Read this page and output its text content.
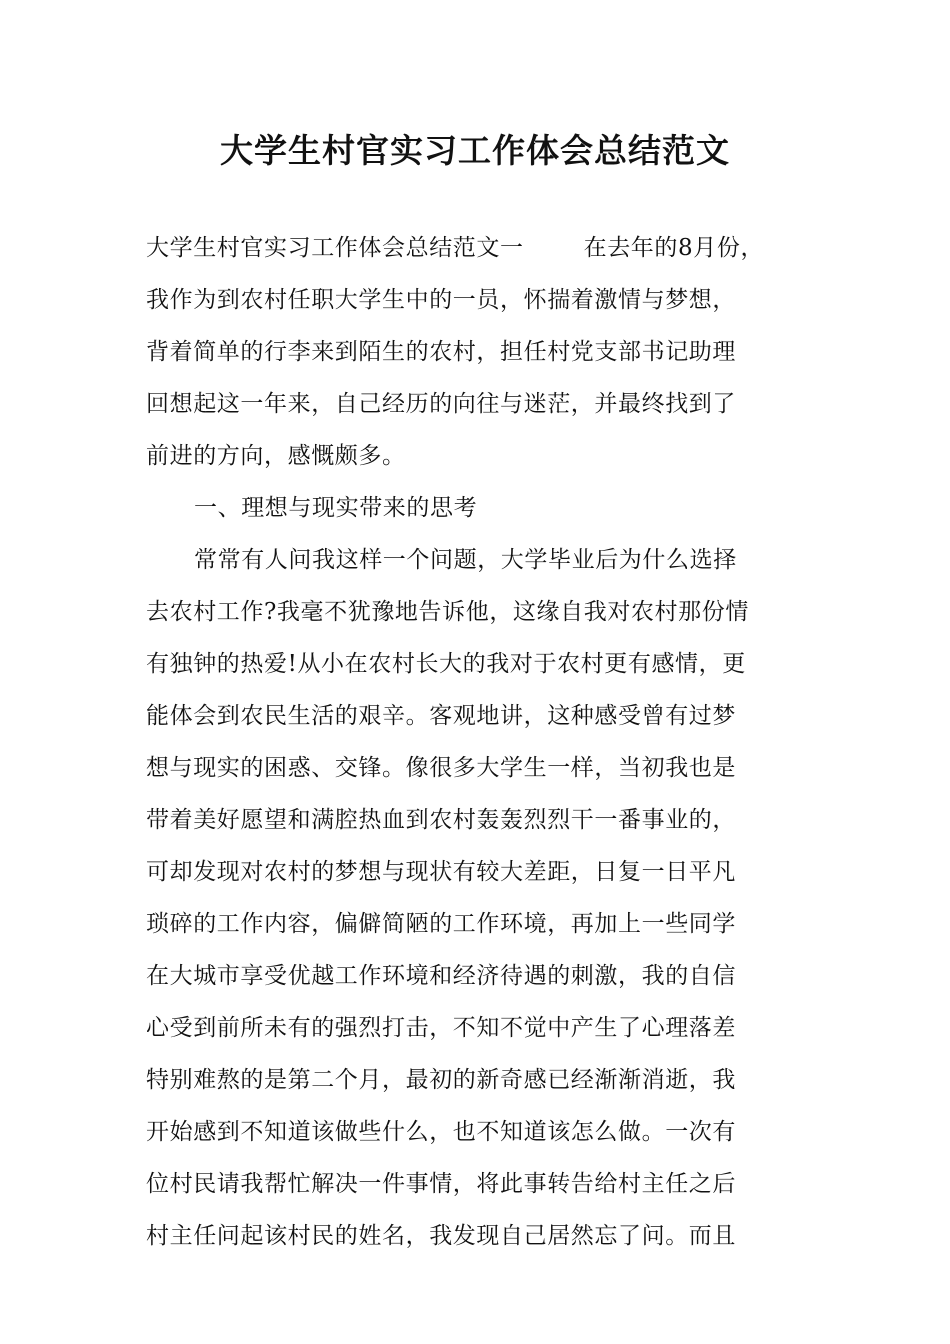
大学生村官实习工作体会总结范文
大学生村官实习工作体会总结范文一	在去年的8月份，
我作为到农村任职大学生中的一员，怀揣着激情与梦想，
背着简单的行李来到陌生的农村，担任村党支部书记助理
回想起这一年来，自己经历的向往与迷茫，并最终找到了
前进的方向，感慨颇多。
一、理想与现实带来的思考
常常有人问我这样一个问题，大学毕业后为什么选择
去农村工作?我毫不犹豫地告诉他，这缘自我对农村那份情
有独钟的热爱!从小在农村长大的我对于农村更有感情，更
能体会到农民生活的艰辛。客观地讲，这种感受曾有过梦
想与现实的困惑、交锋。像很多大学生一样，当初我也是
带着美好愿望和满腔热血到农村轰轰烈烈干一番事业的，
可却发现对农村的梦想与现状有较大差距，日复一日平凡
琐碎的工作内容，偏僻简陋的工作环境，再加上一些同学
在大城市享受优越工作环境和经济待遇的刺激，我的自信
心受到前所未有的强烈打击，不知不觉中产生了心理落差
特别难熬的是第二个月，最初的新奇感已经渐渐消逝，我
开始感到不知道该做些什么，也不知道该怎么做。一次有
位村民请我帮忙解决一件事情，将此事转告给村主任之后
村主任问起该村民的姓名，我发现自己居然忘了问。而且
